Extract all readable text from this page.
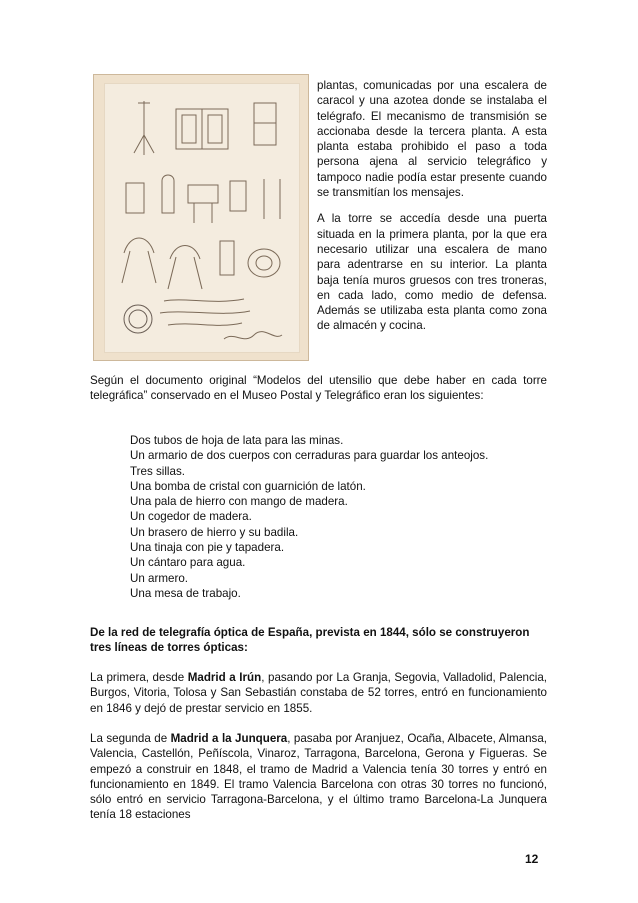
plantas, comunicadas por una escalera de caracol y una azotea donde se instalaba el telégrafo. El mecanismo de transmisión se accionaba desde la tercera planta. A esta planta estaba prohibido el paso a toda persona ajena al servicio telegráfico y tampoco nadie podía estar presente cuando se transmitían los mensajes.

A la torre se accedía desde una puerta situada en la primera planta, por la que era necesario utilizar una escalera de mano para adentrarse en su interior. La planta baja tenía muros gruesos con tres troneras, en cada lado, como medio de defensa. Además se utilizaba esta planta como zona de almacén y cocina.

Según el documento original “Modelos del utensilio que debe haber en cada torre telegráfica” conservado en el Museo Postal y Telegráfico eran los siguientes:

Dos tubos de hoja de lata para las minas.
Un armario de dos cuerpos con cerraduras para guardar los anteojos.
Tres sillas.
Una bomba de cristal con guarnición de latón.
Una pala de hierro con mango de madera.
Un cogedor de madera.
Un brasero de hierro y su badila.
Una tinaja con pie y tapadera.
Un cántaro para agua.
Un armero.
Una mesa de trabajo.
De la red de telegrafía óptica de España, prevista en 1844, sólo se construyeron tres líneas de torres ópticas:

La primera, desde Madrid a Irún, pasando por La Granja, Segovia, Valladolid, Palencia, Burgos, Vitoria, Tolosa y San Sebastián constaba de 52 torres, entró en funcionamiento en 1846 y dejó de prestar servicio en 1855.

La segunda de Madrid a la Junquera, pasaba por Aranjuez, Ocaña, Albacete, Almansa, Valencia, Castellón, Peñíscola, Vinaroz, Tarragona, Barcelona, Gerona y Figueras. Se empezó a construir en 1848, el tramo de Madrid a Valencia tenía 30 torres y entró en funcionamiento en 1849. El tramo Valencia Barcelona con otras 30 torres no funcionó, sólo entró en servicio Tarragona-Barcelona, y el último tramo Barcelona-La Junquera tenía 18 estaciones

12
